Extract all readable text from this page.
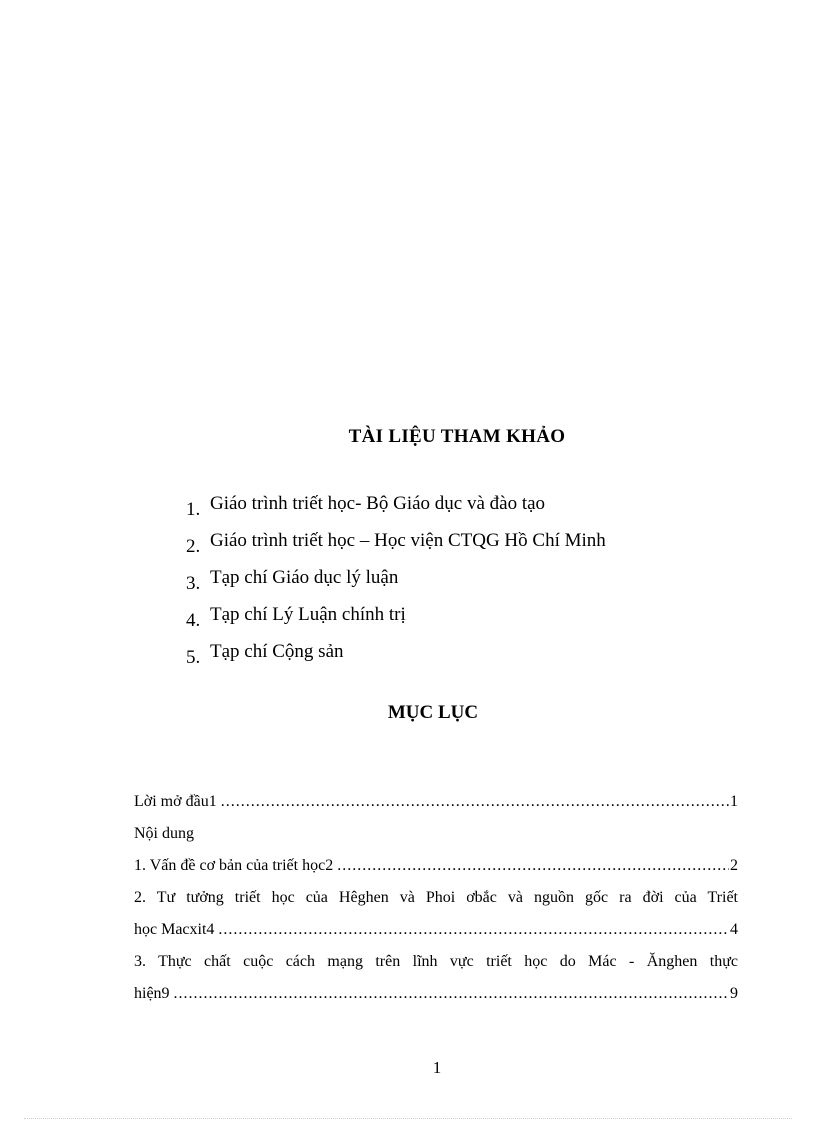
TÀI LIỆU THAM KHẢO
1. Giáo trình triết học- Bộ Giáo dục và đào tạo
2. Giáo trình triết học – Học viện CTQG Hồ Chí Minh
3. Tạp chí Giáo dục lý luận
4. Tạp chí Lý Luận chính trị
5. Tạp chí Cộng sản
MỤC LỤC
Lời mở đầu1 .....	1
Nội dung
1. Vấn đề cơ bản của triết học2 .....	2
2. Tư tưởng triết học của Hêghen và Phoi ơbắc và nguồn gốc ra đời của Triết
học Macxit4 .....	4
3. Thực chất cuộc cách mạng trên lĩnh vực triết học do Mác - Ănghen thực
hiện9 .....	9
1
